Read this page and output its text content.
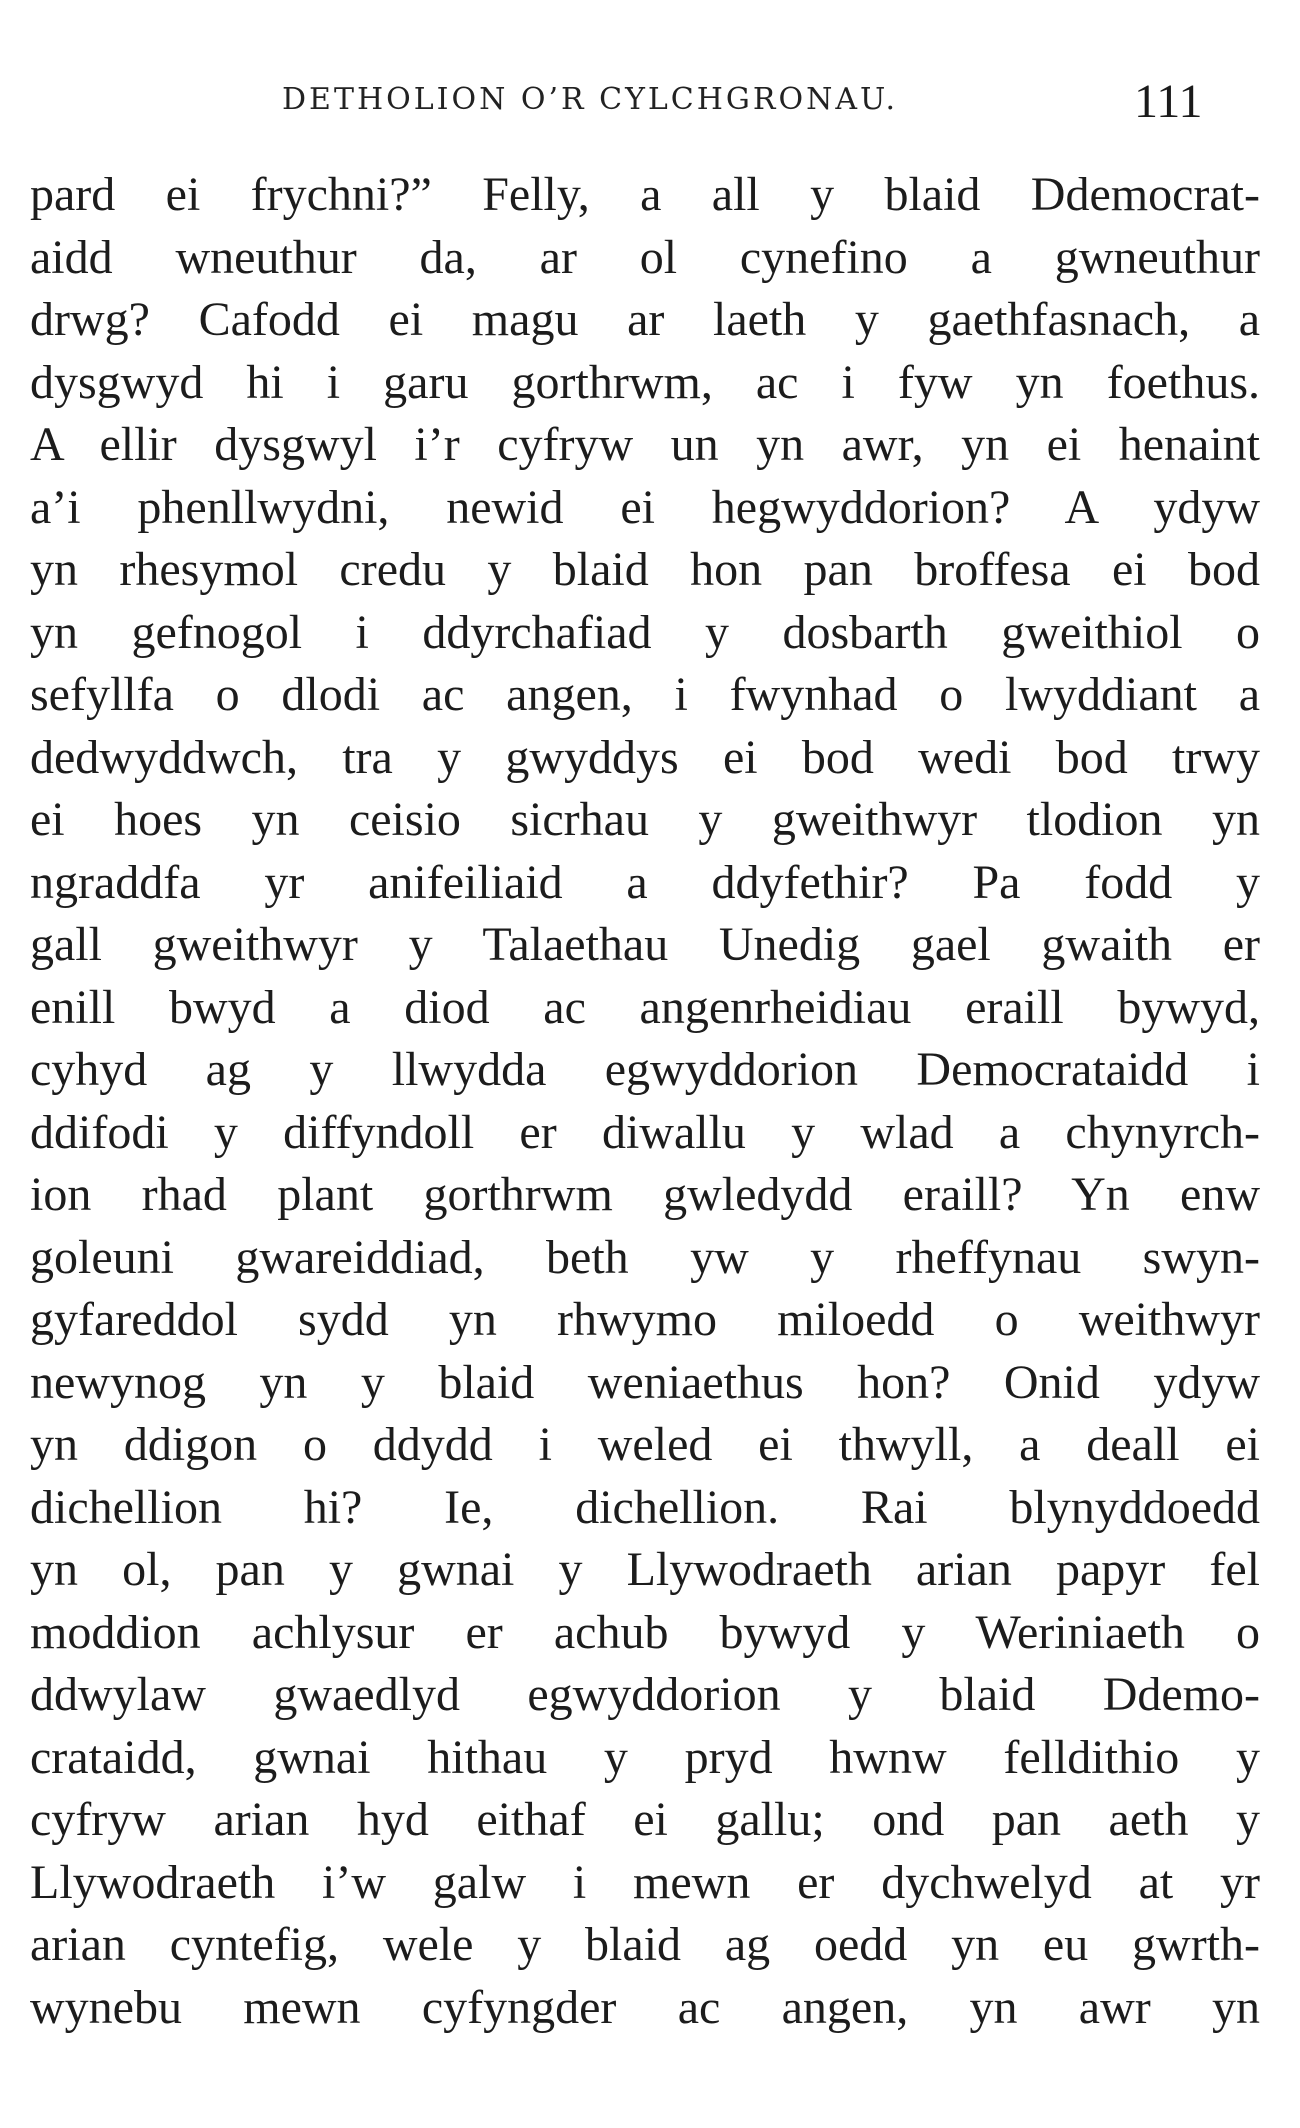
DETHOLION O’R CYLCHGRONAU.	111
pard ei frychni?” Felly, a all y blaid Ddemocrat-
aidd wneuthur da, ar ol cynefino a gwneuthur
drwg? Cafodd ei magu ar laeth y gaethfasnach, a
dysgwyd hi i garu gorthrwm, ac i fyw yn foethus.
A ellir dysgwyl i’r cyfryw un yn awr, yn ei henaint
a’i phenllwydni, newid ei hegwyddorion? A ydyw
yn rhesymol credu y blaid hon pan broffesa ei bod
yn gefnogol i ddyrchafiad y dosbarth gweithiol o
sefyllfa o dlodi ac angen, i fwynhad o lwyddiant a
dedwyddwch, tra y gwyddys ei bod wedi bod trwy
ei hoes yn ceisio sicrhau y gweithwyr tlodion yn
ngraddfa yr anifeiliaid a ddyfethir? Pa fodd y
gall gweithwyr y Talaethau Unedig gael gwaith er
enill bwyd a diod ac angenrheidiau eraill bywyd,
cyhyd ag y llwydda egwyddorion Democrataidd i
ddifodi y diffyndoll er diwallu y wlad a chynyrch-
ion rhad plant gorthrwm gwledydd eraill? Yn enw
goleuni gwareiddiad, beth yw y rheffynau swyn-
gyfareddol sydd yn rhwymo miloedd o weithwyr
newynog yn y blaid weniaethus hon? Onid ydyw
yn ddigon o ddydd i weled ei thwyll, a deall ei
dichellion hi? Ie, dichellion. Rai blynyddoedd
yn ol, pan y gwnai y Llywodraeth arian papyr fel
moddion achlysur er achub bywyd y Weriniaeth o
ddwylaw gwaedlyd egwyddorion y blaid Ddemo-
crataidd, gwnai hithau y pryd hwnw felldithio y
cyfryw arian hyd eithaf ei gallu; ond pan aeth y
Llywodraeth i’w galw i mewn er dychwelyd at yr
arian cyntefig, wele y blaid ag oedd yn eu gwrth-
wynebu mewn cyfyngder ac angen, yn awr yn
